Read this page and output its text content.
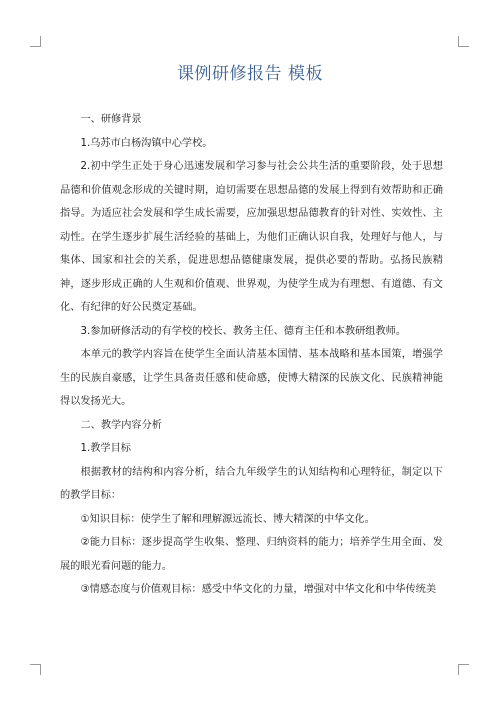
课例研修报告 模板

一、研修背景

1.乌苏市白杨沟镇中心学校。

2.初中学生正处于身心迅速发展和学习参与社会公共生活的重要阶段，处于思想品德和价值观念形成的关键时期，迫切需要在思想品德的发展上得到有效帮助和正确指导。为适应社会发展和学生成长需要，应加强思想品德教育的针对性、实效性、主动性。在学生逐步扩展生活经验的基础上，为他们正确认识自我，处理好与他人，与集体、国家和社会的关系，促进思想品德健康发展，提供必要的帮助。弘扬民族精神，逐步形成正确的人生观和价值观、世界观，为使学生成为有理想、有道德、有文化、有纪律的好公民奠定基础。

3.参加研修活动的有学校的校长、教务主任、德育主任和本教研组教师。

本单元的教学内容旨在使学生全面认清基本国情、基本战略和基本国策，增强学生的民族自豪感，让学生具备责任感和使命感，使博大精深的民族文化、民族精神能得以发扬光大。

二、教学内容分析

1.教学目标

根据教材的结构和内容分析，结合九年级学生的认知结构和心理特征，制定以下的教学目标：

①知识目标：使学生了解和理解源远流长、博大精深的中华文化。

②能力目标：逐步提高学生收集、整理、归纳资料的能力；培养学生用全面、发展的眼光看问题的能力。

③情感态度与价值观目标：感受中华文化的力量，增强对中华文化和中华传统美
